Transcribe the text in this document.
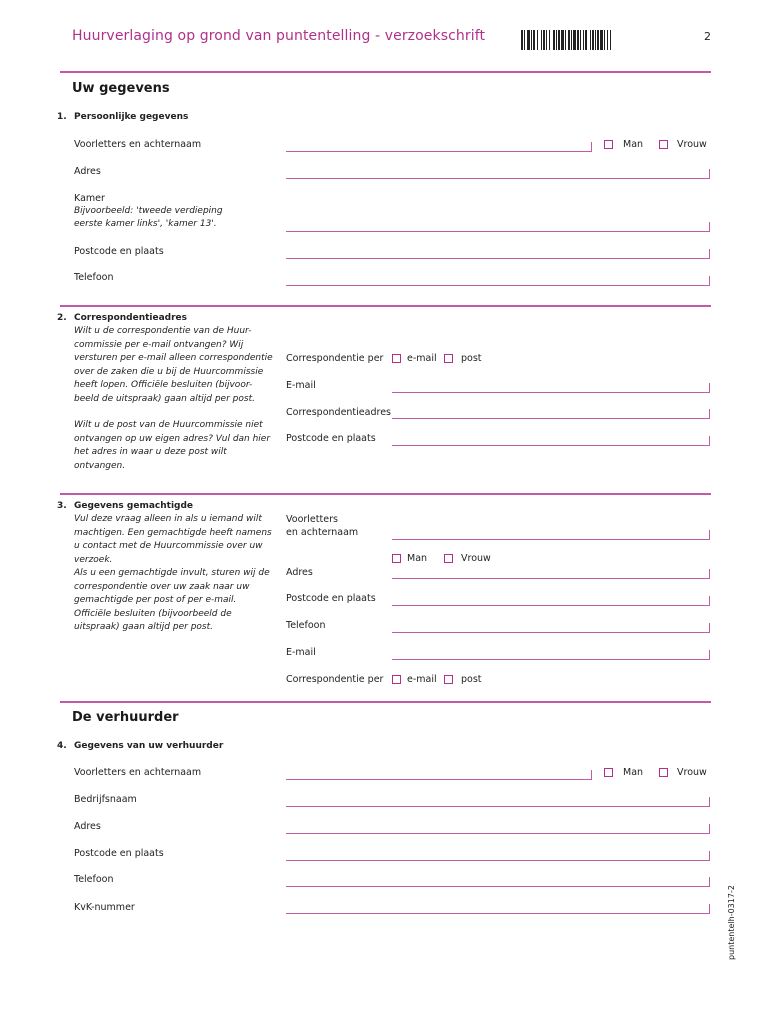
Huurverlaging op grond van puntentelling - verzoekschrift	2
Uw gegevens
1. Persoonlijke gegevens
Voorletters en achternaam	Man	Vrouw
Adres
Kamer
Bijvoorbeeld: 'tweede verdieping
eerste kamer links', 'kamer 13'.
Postcode en plaats
Telefoon
2. Correspondentieadres
Wilt u de correspondentie van de Huur-
commissie per e-mail ontvangen? Wij
versturen per e-mail alleen correspondentie
over de zaken die u bij de Huurcommissie
heeft lopen. Officiële besluiten (bijvoor-
beeld de uitspraak) gaan altijd per post.
Wilt u de post van de Huurcommissie niet
ontvangen op uw eigen adres? Vul dan hier
het adres in waar u deze post wilt
ontvangen.
Correspondentie per e-mail	post
E-mail
Correspondentieadres
Postcode en plaats
3. Gegevens gemachtigde
Vul deze vraag alleen in als u iemand wilt
machtigen. Een gemachtigde heeft namens
u contact met de Huurcommissie over uw
verzoek.
Als u een gemachtigde invult, sturen wij de
correspondentie over uw zaak naar uw
gemachtigde per post of per e-mail.
Officiële besluiten (bijvoorbeeld de
uitspraak) gaan altijd per post.
Voorletters
en achternaam
Man	Vrouw
Adres
Postcode en plaats
Telefoon
E-mail
Correspondentie per e-mail	post
De verhuurder
4. Gegevens van uw verhuurder
Voorletters en achternaam	Man	Vrouw
Bedrijfsnaam
Adres
Postcode en plaats
Telefoon
KvK-nummer	puntentelh-0317-2
